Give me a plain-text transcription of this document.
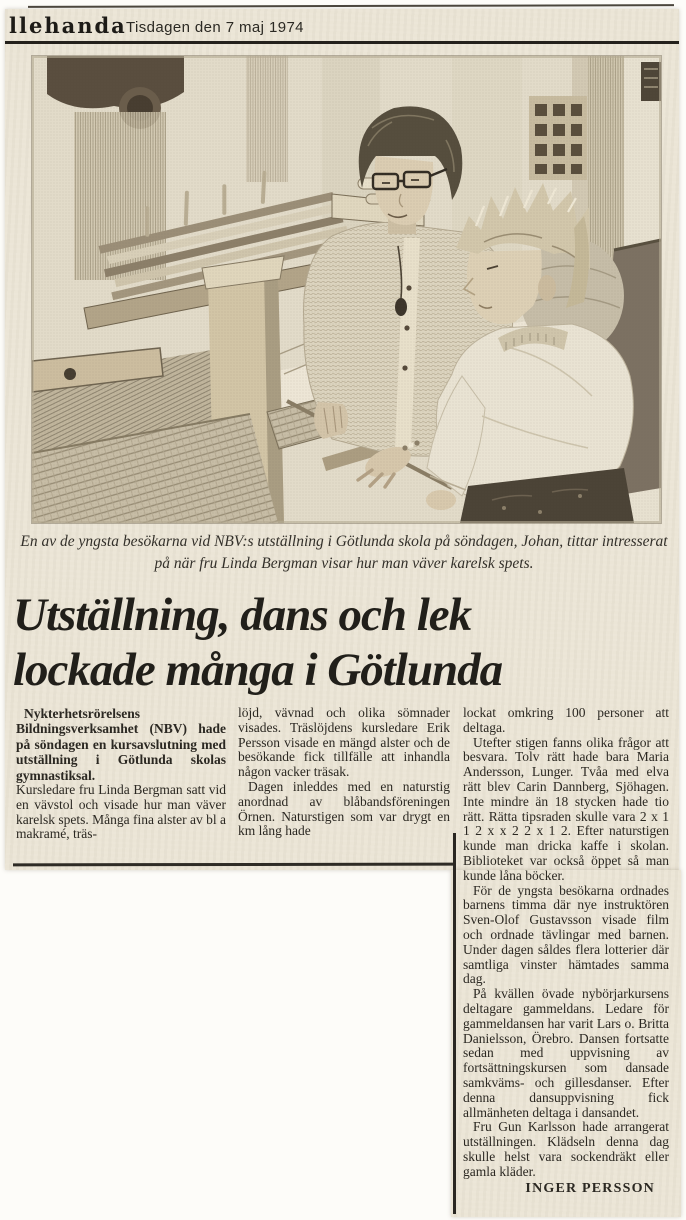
llehanda Tisdagen den 7 maj 1974
En av de yngsta besökarna vid NBV:s utställning i Götlunda skola på söndagen, Johan, tittar intresserat på när fru Linda Bergman visar hur man väver karelsk spets.
Utställning, dans och lek
lockade många i Götlunda

Nykterhetsrörelsens Bildningsverksamhet (NBV) hade på söndagen en kursavslutning med utställning i Götlunda skolas gymnastiksal.

Kursledare fru Linda Bergman satt vid en vävstol och visade hur man väver karelsk spets. Många fina alster av bl a makramé, träs-

löjd, vävnad och olika sömnader visades. Träslöjdens kursledare Erik Persson visade en mängd alster och de besökande fick tillfälle att inhandla någon vacker träsak.

Dagen inleddes med en naturstig anordnad av blåbandsföreningen Örnen. Naturstigen som var drygt en km lång hade

lockat omkring 100 personer att deltaga.

Utefter stigen fanns olika frågor att besvara. Tolv rätt hade bara Maria Andersson, Lunger. Tvåa med elva rätt blev Carin Dannberg, Sjöhagen. Inte mindre än 18 stycken hade tio rätt. Rätta tipsraden skulle vara 2 x 1 1 2 x x 2 2 x 1 2. Efter naturstigen kunde man dricka kaffe i skolan. Biblioteket var också öppet så man kunde låna böcker.

För de yngsta besökarna ordnades barnens timma där nye instruktören Sven-Olof Gustavsson visade film och ordnade tävlingar med barnen. Under dagen såldes flera lotterier där samtliga vinster hämtades samma dag.

På kvällen övade nybörjarkursens deltagare gammeldans. Ledare för gammeldansen har varit Lars o. Britta Danielsson, Örebro. Dansen fortsatte sedan med uppvisning av fortsättningskursen som dansade samkväms- och gillesdanser. Efter denna dansuppvisning fick allmänheten deltaga i dansandet.

Fru Gun Karlsson hade arrangerat utställningen. Klädseln denna dag skulle helst vara sockendräkt eller gamla kläder.

INGER PERSSON
